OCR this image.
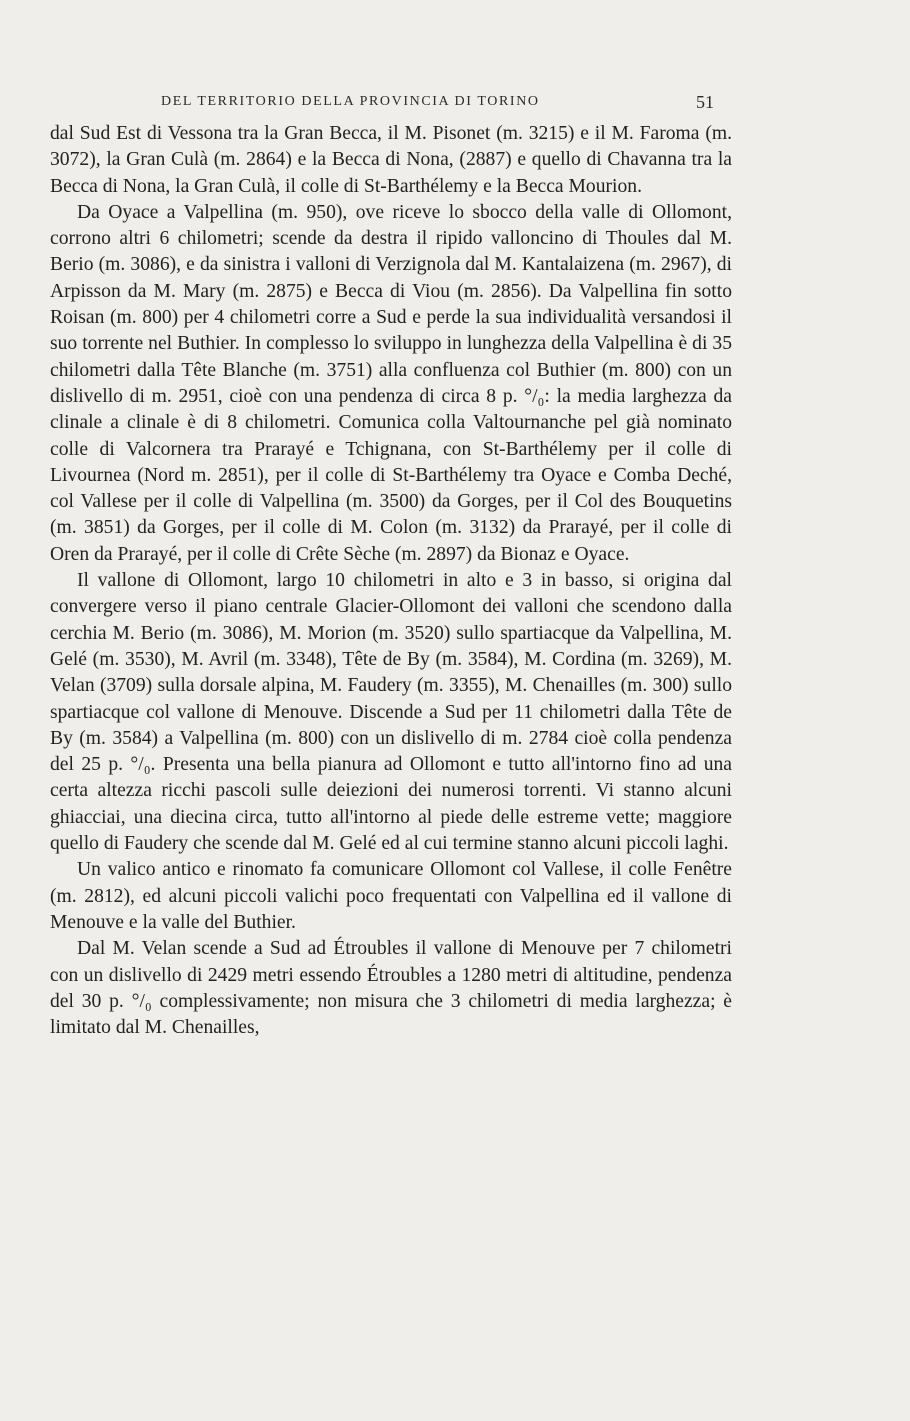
DEL TERRITORIO DELLA PROVINCIA DI TORINO	51

dal Sud Est di Vessona tra la Gran Becca, il M. Pisonet (m. 3215) e il M. Faroma (m. 3072), la Gran Culà (m. 2864) e la Becca di Nona, (2887) e quello di Chavanna tra la Becca di Nona, la Gran Culà, il colle di St-Barthélemy e la Becca Mourion.

Da Oyace a Valpellina (m. 950), ove riceve lo sbocco della valle di Ollomont, corrono altri 6 chilometri; scende da destra il ripido valloncino di Thoules dal M. Berio (m. 3086), e da sinistra i valloni di Verzignola dal M. Kantalaizena (m. 2967), di Arpisson da M. Mary (m. 2875) e Becca di Viou (m. 2856). Da Valpellina fin sotto Roisan (m. 800) per 4 chilometri corre a Sud e perde la sua individualità versandosi il suo torrente nel Buthier. In complesso lo sviluppo in lunghezza della Valpellina è di 35 chilometri dalla Tête Blanche (m. 3751) alla confluenza col Buthier (m. 800) con un dislivello di m. 2951, cioè con una pendenza di circa 8 p. °/₀: la media larghezza da clinale a clinale è di 8 chilometri. Comunica colla Valtournanche pel già nominato colle di Valcornera tra Prarayé e Tchignana, con St-Barthélemy per il colle di Livournea (Nord m. 2851), per il colle di St-Barthélemy tra Oyace e Comba Deché, col Vallese per il colle di Valpellina (m. 3500) da Gorges, per il Col des Bouquetins (m. 3851) da Gorges, per il colle di M. Colon (m. 3132) da Prarayé, per il colle di Oren da Prarayé, per il colle di Crête Sèche (m. 2897) da Bionaz e Oyace.

Il vallone di Ollomont, largo 10 chilometri in alto e 3 in basso, si origina dal convergere verso il piano centrale Glacier-Ollomont dei valloni che scendono dalla cerchia M. Berio (m. 3086), M. Morion (m. 3520) sullo spartiacque da Valpellina, M. Gelé (m. 3530), M. Avril (m. 3348), Tête de By (m. 3584), M. Cordina (m. 3269), M. Velan (3709) sulla dorsale alpina, M. Faudery (m. 3355), M. Chenailles (m. 300) sullo spartiacque col vallone di Menouve. Discende a Sud per 11 chilometri dalla Tête de By (m. 3584) a Valpellina (m. 800) con un dislivello di m. 2784 cioè colla pendenza del 25 p. °/₀. Presenta una bella pianura ad Ollomont e tutto all'intorno fino ad una certa altezza ricchi pascoli sulle deiezioni dei numerosi torrenti. Vi stanno alcuni ghiacciai, una diecina circa, tutto all'intorno al piede delle estreme vette; maggiore quello di Faudery che scende dal M. Gelé ed al cui termine stanno alcuni piccoli laghi.

Un valico antico e rinomato fa comunicare Ollomont col Vallese, il colle Fenêtre (m. 2812), ed alcuni piccoli valichi poco frequentati con Valpellina ed il vallone di Menouve e la valle del Buthier.

Dal M. Velan scende a Sud ad Étroubles il vallone di Menouve per 7 chilometri con un dislivello di 2429 metri essendo Étroubles a 1280 metri di altitudine, pendenza del 30 p. °/₀ complessivamente; non misura che 3 chilometri di media larghezza; è limitato dal M. Chenailles,
